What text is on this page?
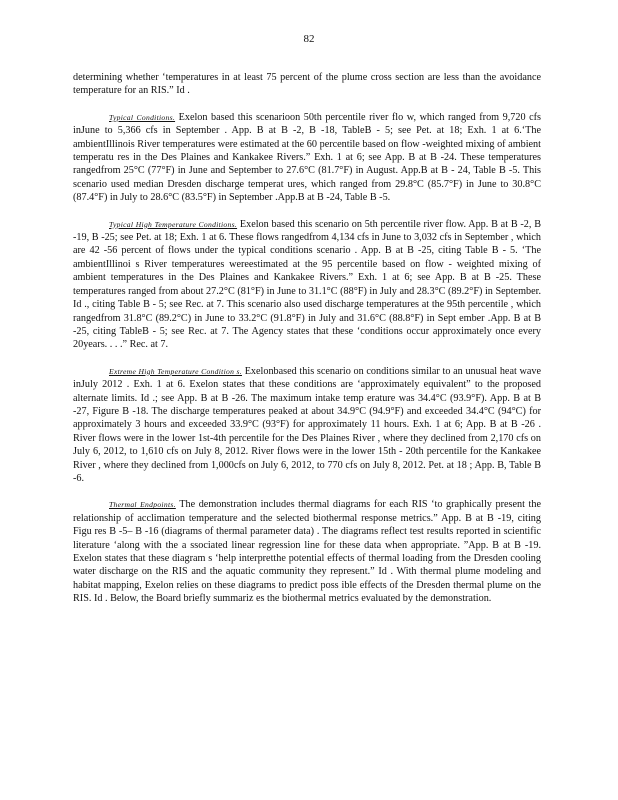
82

determining whether ‘temperatures in at least 75 percent of the plume cross section are less than the avoidance temperature for an RIS.” Id .

Typical Conditions. Exelon based this scenarioon 50th percentile river flo w, which ranged from 9,720 cfs inJune to 5,366 cfs in September . App. B at B -2, B -18, TableB - 5; see Pet. at 18; Exh. 1 at 6.‘The ambientIllinois River temperatures were estimated at the 60 percentile based on flow -weighted mixing of ambient temperatu res in the Des Plaines and Kankakee Rivers.” Exh. 1 at 6; see App. B at B -24. These temperatures rangedfrom 25°C (77°F) in June and September to 27.6°C (81.7°F) in August. App.B at B - 24, Table B -5. This scenario used median Dresden discharge temperat ures, which ranged from 29.8°C (85.7°F) in June to 30.8°C (87.4°F) in July to 28.6°C (83.5°F) in September .App.B at B -24, Table B -5.

Typical High Temperature Conditions. Exelon based this scenario on 5th percentile river flow. App. B at B -2, B -19, B -25; see Pet. at 18; Exh. 1 at 6. These flows rangedfrom 4,134 cfs in June to 3,032 cfs in September , which are 42 -56 percent of flows under the typical conditions scenario . App. B at B -25, citing Table B - 5. ‘The ambientIllinoi s River temperatures wereestimated at the 95 percentile based on flow - weighted mixing of ambient temperatures in the Des Plaines and Kankakee Rivers.” Exh. 1 at 6; see App. B at B -25. These temperatures ranged from about 27.2°C (81°F) in June to 31.1°C (88°F) in July and 28.3°C (89.2°F) in September. Id ., citing Table B - 5; see Rec. at 7. This scenario also used discharge temperatures at the 95th percentile , which rangedfrom 31.8°C (89.2°C) in June to 33.2°C (91.8°F) in July and 31.6°C (88.8°F) in Sept ember .App. B at B -25, citing TableB - 5; see Rec. at 7. The Agency states that these ‘conditions occur approximately once every 20years. . . .” Rec. at 7.

Extreme High Temperature Condition s. Exelonbased this scenario on conditions similar to an unusual heat wave inJuly 2012 . Exh. 1 at 6. Exelon states that these conditions are ‘approximately equivalent” to the proposed alternate limits. Id .; see App. B at B -26. The maximum intake temp erature was 34.4°C (93.9°F). App. B at B -27, Figure B -18. The discharge temperatures peaked at about 34.9°C (94.9°F) and exceeded 34.4°C (94°C) for approximately 3 hours and exceeded 33.9°C (93°F) for approximately 11 hours. Exh. 1 at 6; App. B at B -26 . River flows were in the lower 1st-4th percentile for the Des Plaines River , where they declined from 2,170 cfs on July 6, 2012, to 1,610 cfs on July 8, 2012. River flows were in the lower 15th - 20th percentile for the Kankakee River , where they declined from 1,000cfs on July 6, 2012, to 770 cfs on July 8, 2012. Pet. at 18 ; App. B, Table B -6.

Thermal Endpoints. The demonstration includes thermal diagrams for each RIS ‘to graphically present the relationship of acclimation temperature and the selected biothermal response metrics.” App. B at B -19, citing Figu res B -5– B -16 (diagrams of thermal parameter data) . The diagrams reflect test results reported in scientific literature ‘along with the a ssociated linear regression line for these data when appropriate. ”App. B at B -19. Exelon states that these diagram s ‘help interpretthe potential effects of thermal loading from the Dresden cooling water discharge on the RIS and the aquatic community they represent.” Id . With thermal plume modeling and habitat mapping, Exelon relies on these diagrams to predict poss ible effects of the Dresden thermal plume on the RIS. Id . Below, the Board briefly summariz es the biothermal metrics evaluated by the demonstration.
